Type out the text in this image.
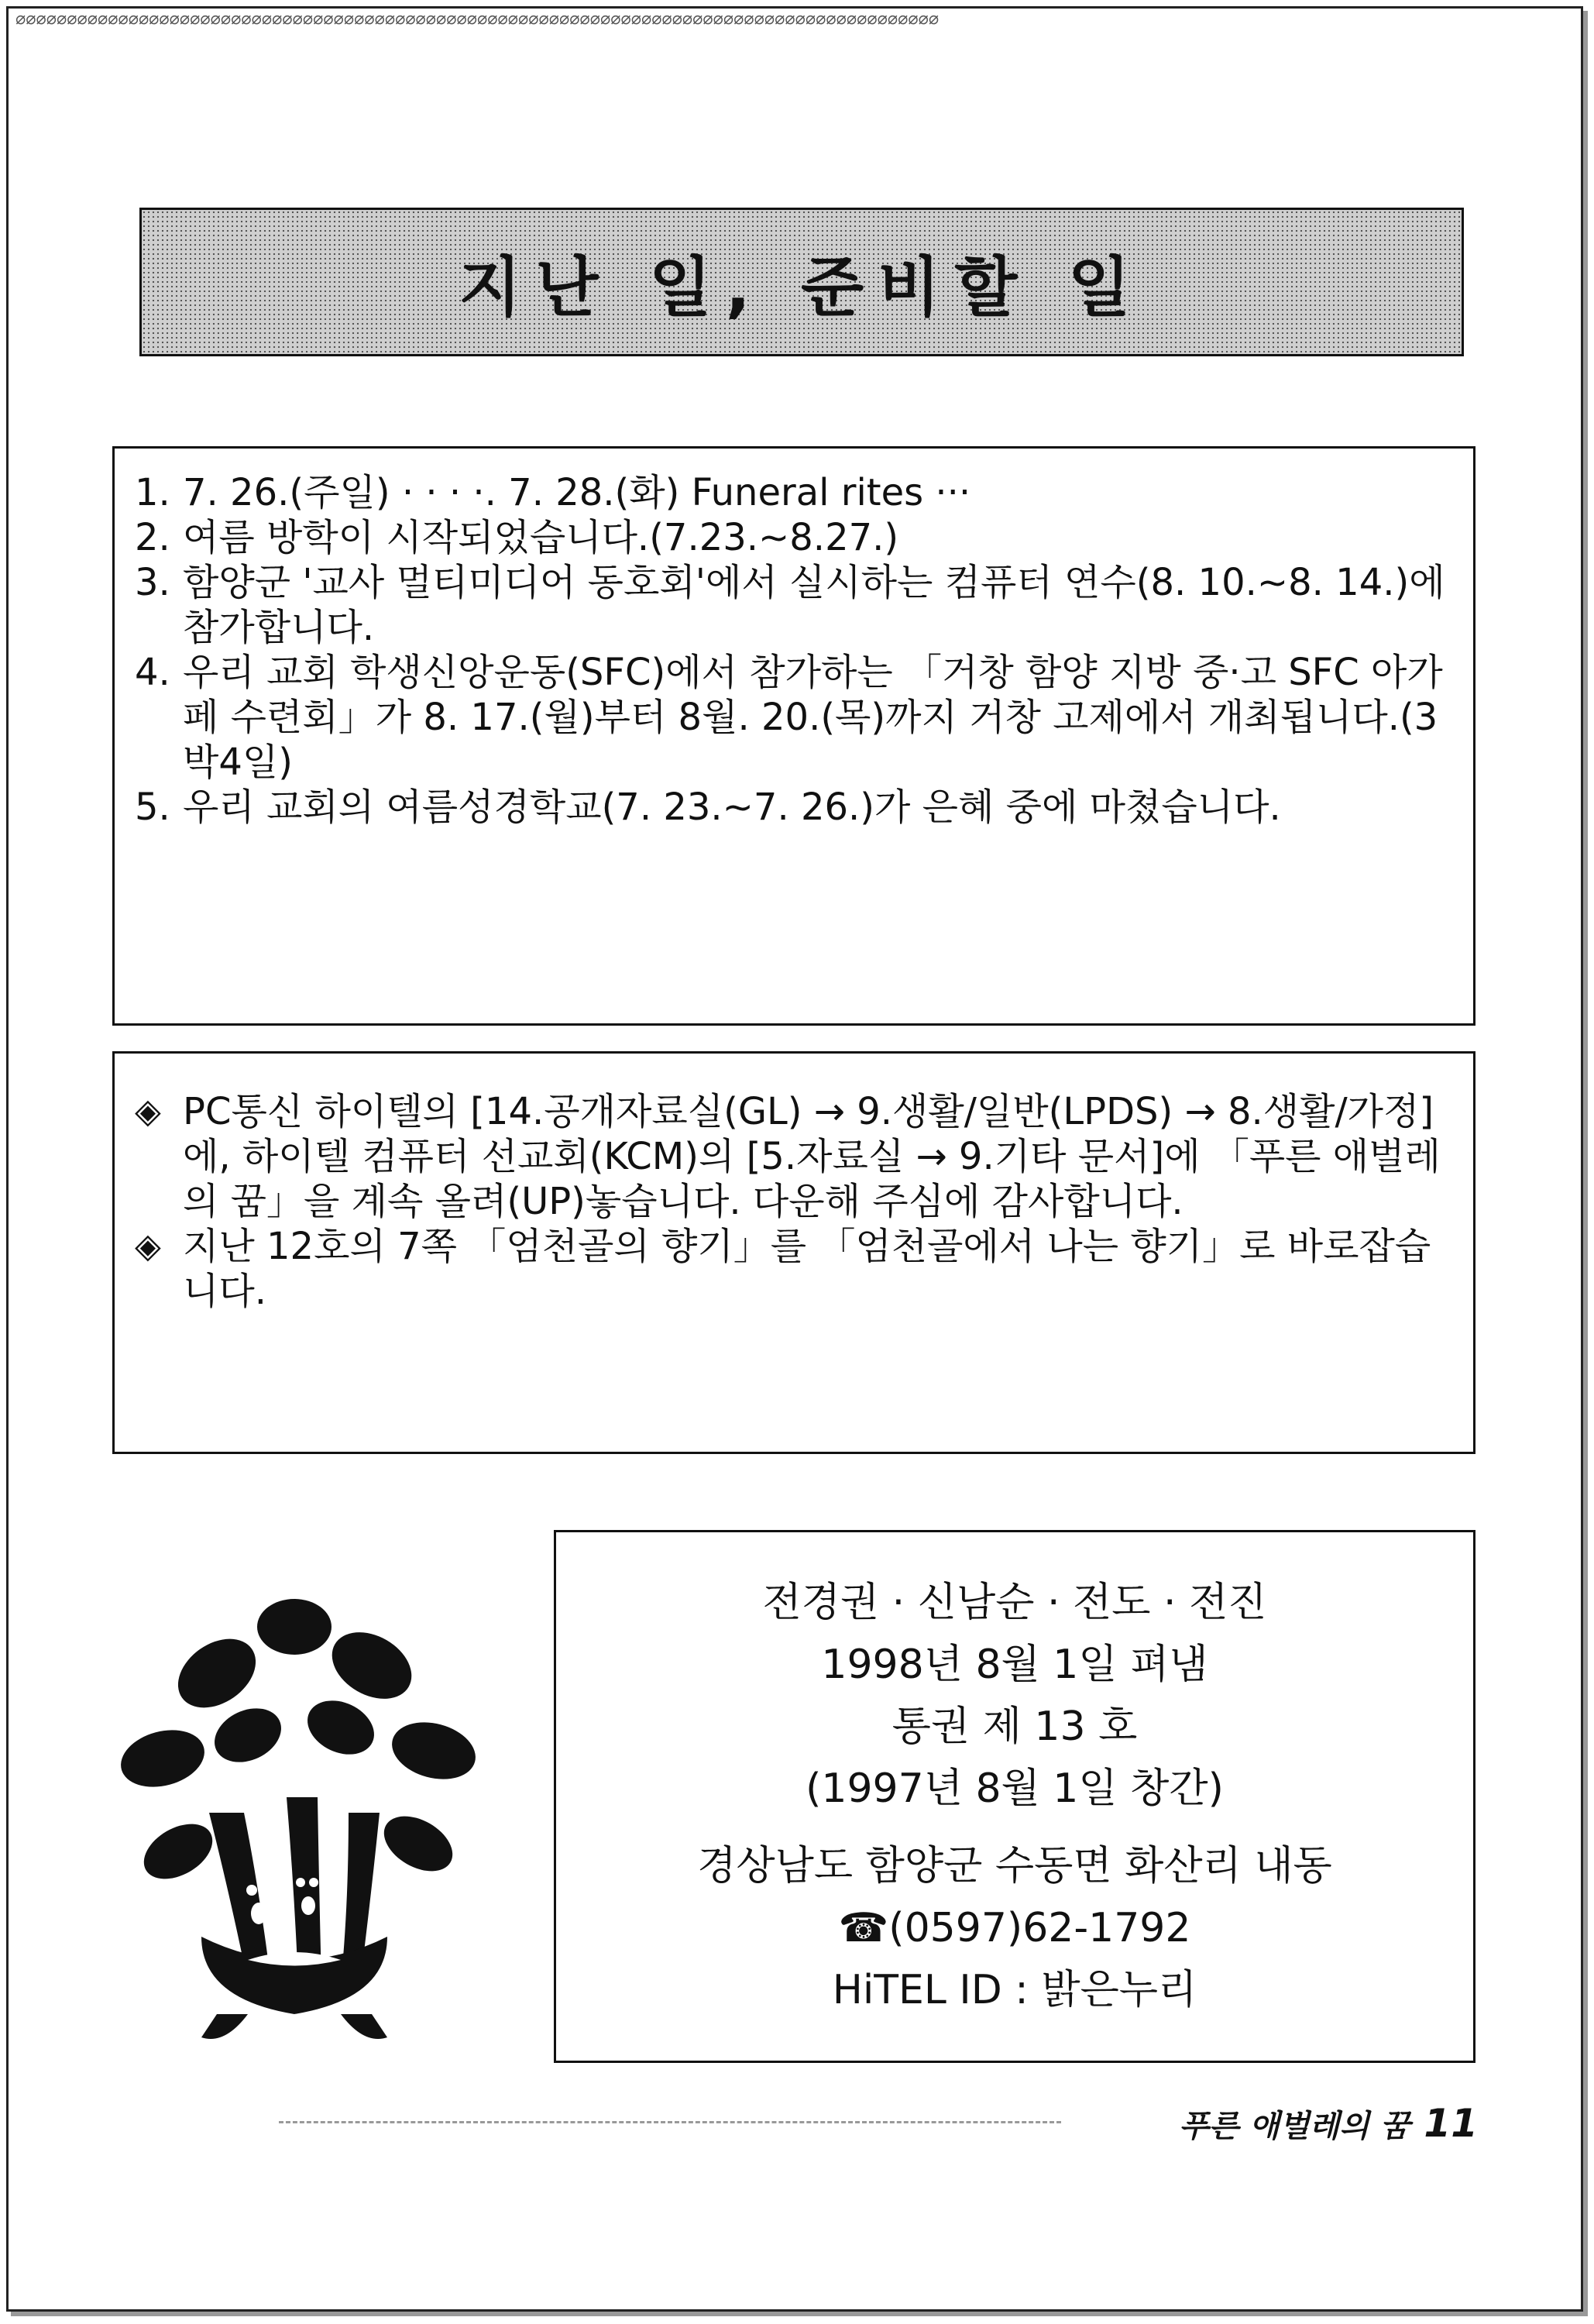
⌀⌀⌀⌀⌀⌀⌀⌀⌀⌀⌀⌀⌀⌀⌀⌀⌀⌀⌀⌀⌀⌀⌀⌀⌀⌀⌀⌀⌀⌀⌀⌀⌀⌀⌀⌀⌀⌀⌀⌀⌀⌀⌀⌀⌀⌀⌀⌀⌀⌀⌀⌀⌀⌀⌀⌀⌀⌀⌀⌀⌀⌀⌀⌀⌀⌀⌀⌀⌀⌀⌀⌀⌀⌀⌀⌀⌀⌀⌀⌀⌀⌀⌀⌀⌀⌀⌀⌀⌀⌀
지난 일, 준비할 일
1. 7. 26.(주일) · · · ·. 7. 28.(화) Funeral rites ···
2. 여름 방학이 시작되었습니다.(7.23.~8.27.)
3. 함양군 '교사 멀티미디어 동호회'에서 실시하는 컴퓨터 연수(8. 10.~8. 14.)에 참가합니다.
4. 우리 교회 학생신앙운동(SFC)에서 참가하는 「거창 함양 지방 중·고 SFC 아가페 수련회」가 8. 17.(월)부터 8월. 20.(목)까지 거창 고제에서 개최됩니다.(3박4일)
5. 우리 교회의 여름성경학교(7. 23.~7. 26.)가 은혜 중에 마쳤습니다.
◈ PC통신 하이텔의 [14.공개자료실(GL) → 9.생활/일반(LPDS) → 8.생활/가정]에, 하이텔 컴퓨터 선교회(KCM)의 [5.자료실 → 9.기타 문서]에 「푸른 애벌레의 꿈」을 계속 올려(UP)놓습니다. 다운해 주심에 감사합니다.
◈ 지난 12호의 7쪽 「엄천골의 향기」를 「엄천골에서 나는 향기」로 바로잡습니다.
전경권 · 신남순 · 전도 · 전진
1998년 8월 1일 펴냄
통권 제 13 호
(1997년 8월 1일 창간)
경상남도 함양군 수동면 화산리 내동
☎(0597)62-1792
HiTEL ID : 밝은누리
푸른 애벌레의 꿈 11
